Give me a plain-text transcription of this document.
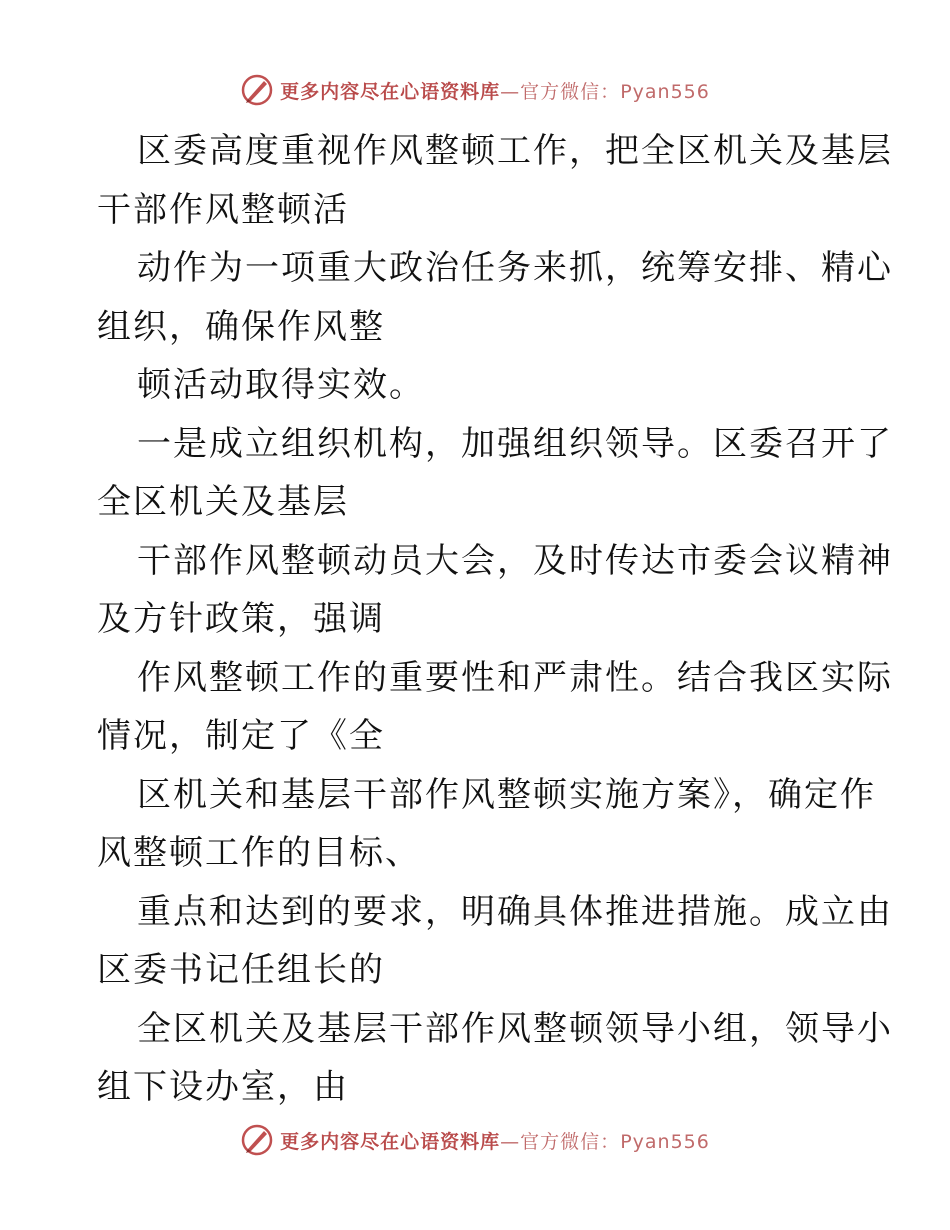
更多内容尽在心语资料库—官方微信：Pyan556

区委高度重视作风整顿工作，把全区机关及基层

干部作风整顿活

动作为一项重大政治任务来抓，统筹安排、精心

组织，确保作风整

顿活动取得实效。

一是成立组织机构，加强组织领导。区委召开了

全区机关及基层

干部作风整顿动员大会，及时传达市委会议精神

及方针政策，强调

作风整顿工作的重要性和严肃性。结合我区实际

情况，制定了《全

区机关和基层干部作风整顿实施方案》，确定作

风整顿工作的目标、

重点和达到的要求，明确具体推进措施。成立由

区委书记任组长的

全区机关及基层干部作风整顿领导小组，领导小

组下设办室，由

更多内容尽在心语资料库—官方微信：Pyan556
